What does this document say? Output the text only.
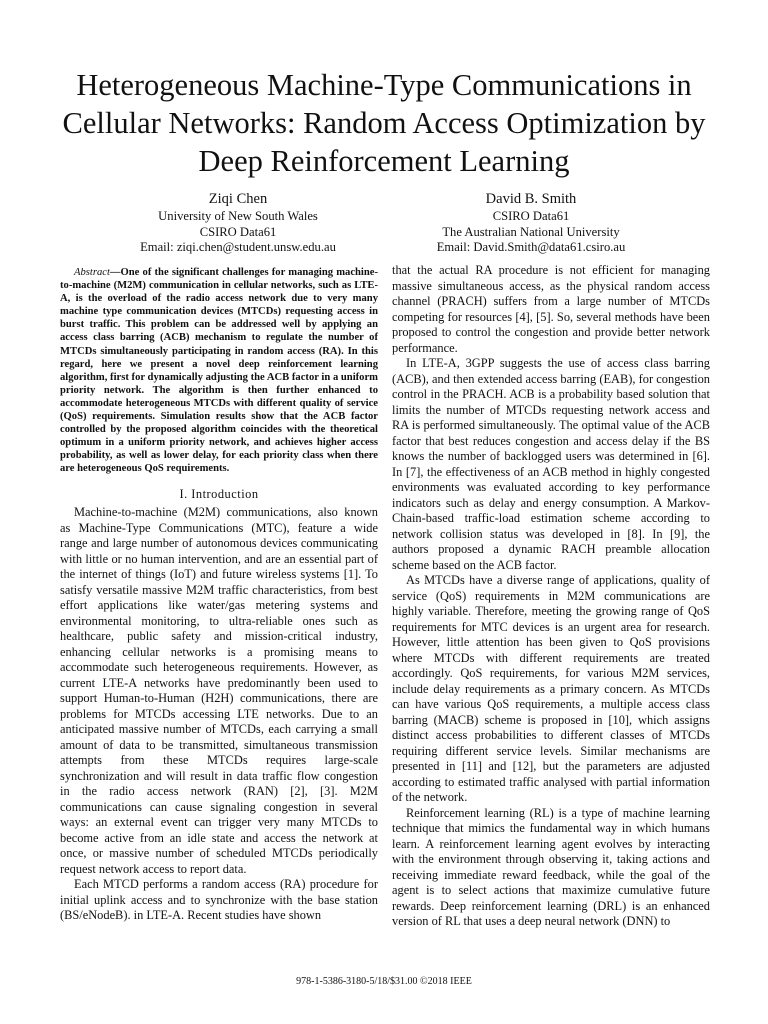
Heterogeneous Machine-Type Communications in Cellular Networks: Random Access Optimization by Deep Reinforcement Learning
Ziqi Chen
University of New South Wales
CSIRO Data61
Email: ziqi.chen@student.unsw.edu.au
David B. Smith
CSIRO Data61
The Australian National University
Email: David.Smith@data61.csiro.au

Abstract—One of the significant challenges for managing machine-to-machine (M2M) communication in cellular networks, such as LTE-A, is the overload of the radio access network due to very many machine type communication devices (MTCDs) requesting access in burst traffic. This problem can be addressed well by applying an access class barring (ACB) mechanism to regulate the number of MTCDs simultaneously participating in random access (RA). In this regard, here we present a novel deep reinforcement learning algorithm, first for dynamically adjusting the ACB factor in a uniform priority network. The algorithm is then further enhanced to accommodate heterogeneous MTCDs with different quality of service (QoS) requirements. Simulation results show that the ACB factor controlled by the proposed algorithm coincides with the theoretical optimum in a uniform priority network, and achieves higher access probability, as well as lower delay, for each priority class when there are heterogeneous QoS requirements.

I. Introduction

Machine-to-machine (M2M) communications, also known as Machine-Type Communications (MTC), feature a wide range and large number of autonomous devices communicating with little or no human intervention, and are an essential part of the internet of things (IoT) and future wireless systems [1]. To satisfy versatile massive M2M traffic characteristics, from best effort applications like water/gas metering systems and environmental monitoring, to ultra-reliable ones such as healthcare, public safety and mission-critical industry, enhancing cellular networks is a promising means to accommodate such heterogeneous requirements. However, as current LTE-A networks have predominantly been used to support Human-to-Human (H2H) communications, there are problems for MTCDs accessing LTE networks. Due to an anticipated massive number of MTCDs, each carrying a small amount of data to be transmitted, simultaneous transmission attempts from these MTCDs requires large-scale synchronization and will result in data traffic flow congestion in the radio access network (RAN) [2], [3]. M2M communications can cause signaling congestion in several ways: an external event can trigger very many MTCDs to become active from an idle state and access the network at once, or massive number of scheduled MTCDs periodically request network access to report data.

Each MTCD performs a random access (RA) procedure for initial uplink access and to synchronize with the base station (BS/eNodeB). in LTE-A. Recent studies have shown

that the actual RA procedure is not efficient for managing massive simultaneous access, as the physical random access channel (PRACH) suffers from a large number of MTCDs competing for resources [4], [5]. So, several methods have been proposed to control the congestion and provide better network performance.

In LTE-A, 3GPP suggests the use of access class barring (ACB), and then extended access barring (EAB), for congestion control in the PRACH. ACB is a probability based solution that limits the number of MTCDs requesting network access and RA is performed simultaneously. The optimal value of the ACB factor that best reduces congestion and access delay if the BS knows the number of backlogged users was determined in [6]. In [7], the effectiveness of an ACB method in highly congested environments was evaluated according to key performance indicators such as delay and energy consumption. A Markov-Chain-based traffic-load estimation scheme according to network collision status was developed in [8]. In [9], the authors proposed a dynamic RACH preamble allocation scheme based on the ACB factor.

As MTCDs have a diverse range of applications, quality of service (QoS) requirements in M2M communications are highly variable. Therefore, meeting the growing range of QoS requirements for MTC devices is an urgent area for research. However, little attention has been given to QoS provisions where MTCDs with different requirements are treated accordingly. QoS requirements, for various M2M services, include delay requirements as a primary concern. As MTCDs can have various QoS requirements, a multiple access class barring (MACB) scheme is proposed in [10], which assigns distinct access probabilities to different classes of MTCDs requiring different service levels. Similar mechanisms are presented in [11] and [12], but the parameters are adjusted according to estimated traffic analysed with partial information of the network.

Reinforcement learning (RL) is a type of machine learning technique that mimics the fundamental way in which humans learn. A reinforcement learning agent evolves by interacting with the environment through observing it, taking actions and receiving immediate reward feedback, while the goal of the agent is to select actions that maximize cumulative future rewards. Deep reinforcement learning (DRL) is an enhanced version of RL that uses a deep neural network (DNN) to

978-1-5386-3180-5/18/$31.00 ©2018 IEEE
